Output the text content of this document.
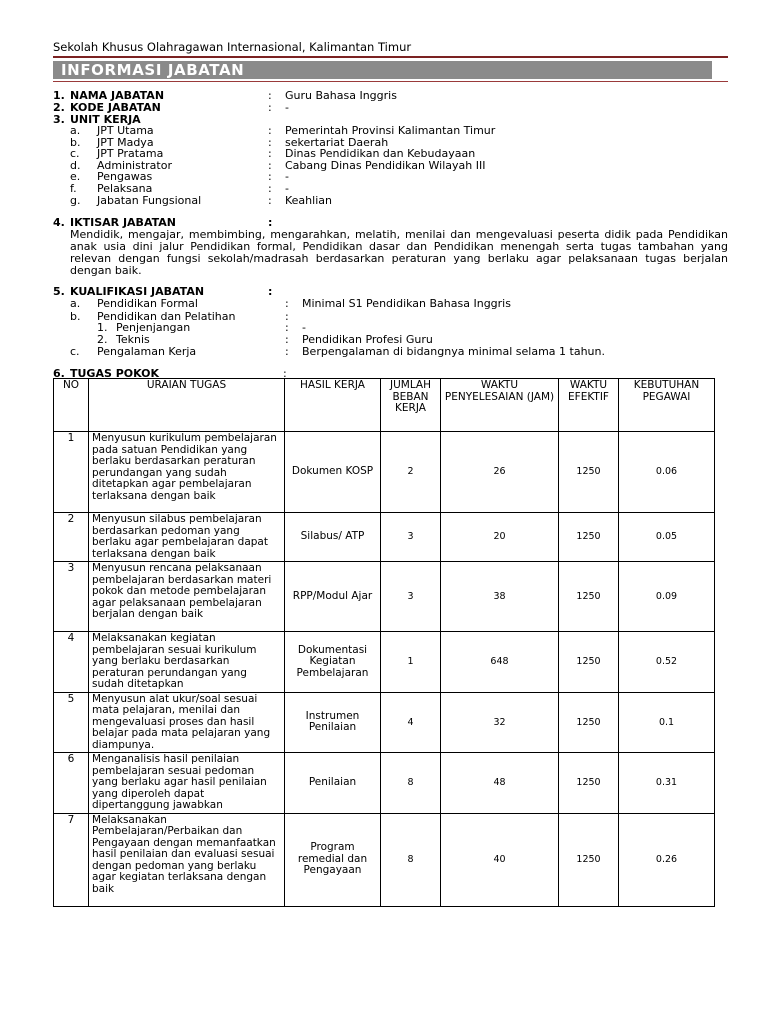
Sekolah Khusus Olahragawan Internasional, Kalimantan Timur
INFORMASI JABATAN
1. NAMA JABATAN	: Guru Bahasa Inggris
2. KODE JABATAN	: -
3. UNIT KERJA
a. JPT Utama	: Pemerintah Provinsi Kalimantan Timur
b. JPT Madya	: sekertariat Daerah
c. JPT Pratama	: Dinas Pendidikan dan Kebudayaan
d. Administrator	: Cabang Dinas Pendidikan Wilayah III
e. Pengawas	: -
f. Pelaksana	: -
g. Jabatan Fungsional	: Keahlian
4. IKTISAR JABATAN	:
Mendidik, mengajar, membimbing, mengarahkan, melatih, menilai dan mengevaluasi peserta didik pada Pendidikan anak usia dini jalur Pendidikan formal, Pendidikan dasar dan Pendidikan menengah serta tugas tambahan yang relevan dengan fungsi sekolah/madrasah berdasarkan peraturan yang berlaku agar pelaksanaan tugas berjalan dengan baik.
5. KUALIFIKASI JABATAN	:
a. Pendidikan Formal	: Minimal S1 Pendidikan Bahasa Inggris
b. Pendidikan dan Pelatihan	:
1. Penjenjangan	: -
2. Teknis	: Pendidikan Profesi Guru
c. Pengalaman Kerja	: Berpengalaman di bidangnya minimal selama 1 tahun.
6. TUGAS POKOK	:
NO	URAIAN TUGAS	HASIL KERJA	JUMLAH BEBAN KERJA	WAKTU PENYELESAIAN (JAM)	WAKTU EFEKTIF	KEBUTUHAN PEGAWAI
1	Menyusun kurikulum pembelajaran pada satuan Pendidikan yang berlaku berdasarkan peraturan perundangan yang sudah ditetapkan agar pembelajaran terlaksana dengan baik	Dokumen KOSP	2	26	1250	0.06
2	Menyusun silabus pembelajaran berdasarkan pedoman yang berlaku agar pembelajaran dapat terlaksana dengan baik	Silabus/ ATP	3	20	1250	0.05
3	Menyusun rencana pelaksanaan pembelajaran berdasarkan materi pokok dan metode pembelajaran agar pelaksanaan pembelajaran berjalan dengan baik	RPP/Modul Ajar	3	38	1250	0.09
4	Melaksanakan kegiatan pembelajaran sesuai kurikulum yang berlaku berdasarkan peraturan perundangan yang sudah ditetapkan	Dokumentasi Kegiatan Pembelajaran	1	648	1250	0.52
5	Menyusun alat ukur/soal sesuai mata pelajaran, menilai dan mengevaluasi proses dan hasil belajar pada mata pelajaran yang diampunya.	Instrumen Penilaian	4	32	1250	0.1
6	Menganalisis hasil penilaian pembelajaran sesuai pedoman yang berlaku agar hasil penilaian yang diperoleh dapat dipertanggung jawabkan	Penilaian	8	48	1250	0.31
7	Melaksanakan Pembelajaran/Perbaikan dan Pengayaan dengan memanfaatkan hasil penilaian dan evaluasi sesuai dengan pedoman yang berlaku agar kegiatan terlaksana dengan baik	Program remedial dan Pengayaan	8	40	1250	0.26
